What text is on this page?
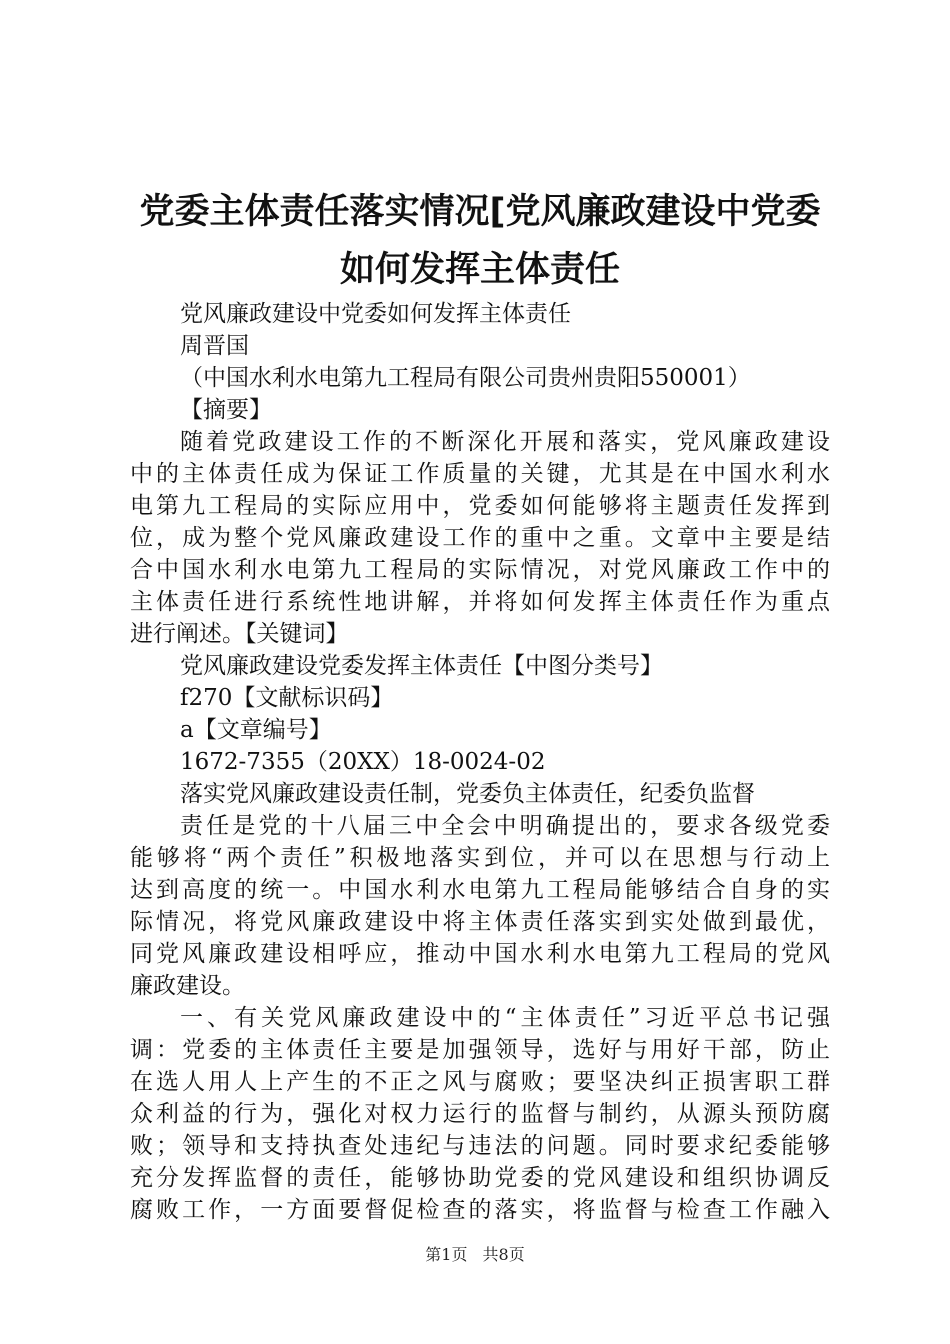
党委主体责任落实情况[党风廉政建设中党委
如何发挥主体责任
党风廉政建设中党委如何发挥主体责任
周晋国
（中国水利水电第九工程局有限公司贵州贵阳550001）
【摘要】
随着党政建设工作的不断深化开展和落实，党风廉政建设
中的主体责任成为保证工作质量的关键，尤其是在中国水利水
电第九工程局的实际应用中，党委如何能够将主题责任发挥到
位，成为整个党风廉政建设工作的重中之重。文章中主要是结
合中国水利水电第九工程局的实际情况，对党风廉政工作中的
主体责任进行系统性地讲解，并将如何发挥主体责任作为重点
进行阐述。【关键词】
党风廉政建设党委发挥主体责任【中图分类号】
f270【文献标识码】
a【文章编号】
1672-7355（20XX）18-0024-02
落实党风廉政建设责任制，党委负主体责任，纪委负监督
责任是党的十八届三中全会中明确提出的，要求各级党委
能够将“两个责任”积极地落实到位，并可以在思想与行动上
达到高度的统一。中国水利水电第九工程局能够结合自身的实
际情况，将党风廉政建设中将主体责任落实到实处做到最优，
同党风廉政建设相呼应，推动中国水利水电第九工程局的党风
廉政建设。
一、有关党风廉政建设中的“主体责任”习近平总书记强
调：党委的主体责任主要是加强领导，选好与用好干部，防止
在选人用人上产生的不正之风与腐败；要坚决纠正损害职工群
众利益的行为，强化对权力运行的监督与制约，从源头预防腐
败；领导和支持执查处违纪与违法的问题。同时要求纪委能够
充分发挥监督的责任，能够协助党委的党风建设和组织协调反
腐败工作，一方面要督促检查的落实，将监督与检查工作融入
第1页 共8页
